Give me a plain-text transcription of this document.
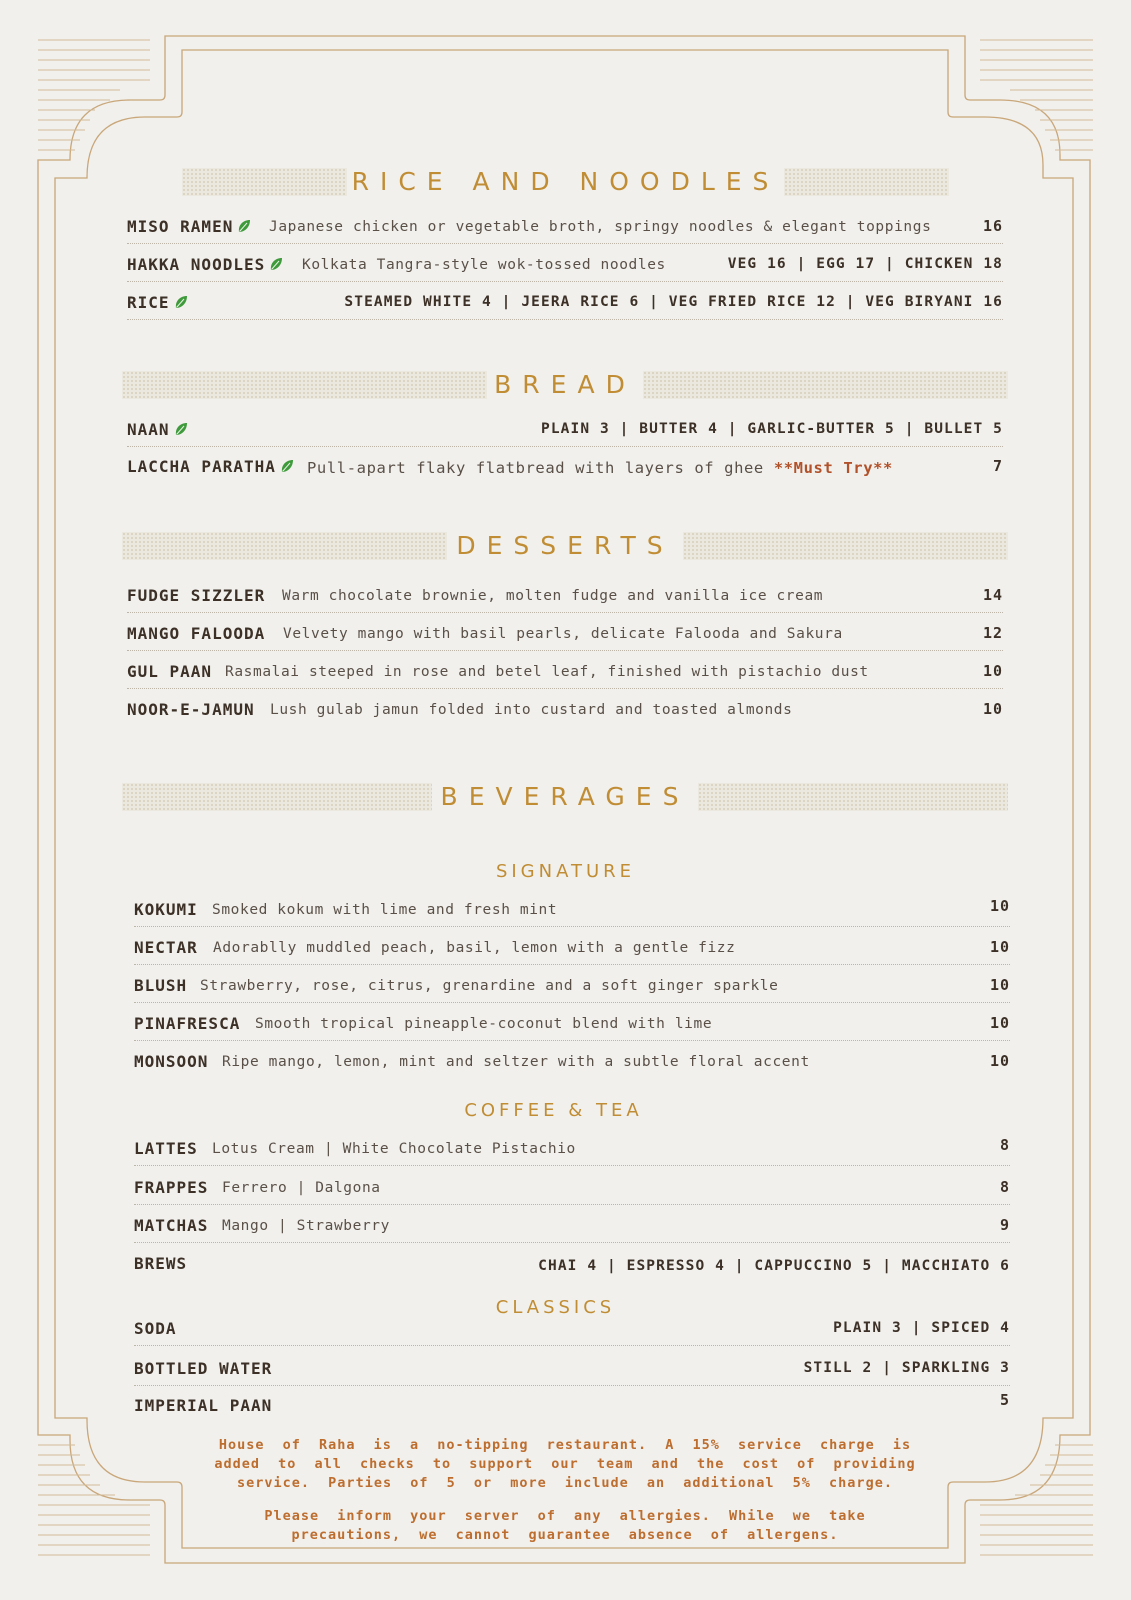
RICE AND NOODLES
MISO RAMEN	Japanese chicken or vegetable broth, springy noodles & elegant toppings	16
HAKKA NOODLES	Kolkata Tangra-style wok-tossed noodles	VEG 16 | EGG 17 | CHICKEN 18
RICE	STEAMED WHITE 4 | JEERA RICE 6 | VEG FRIED RICE 12 | VEG BIRYANI 16
BREAD
NAAN	PLAIN 3 | BUTTER 4 | GARLIC-BUTTER 5 | BULLET 5
LACCHA PARATHA	Pull-apart flaky flatbread with layers of ghee **Must Try**	7
DESSERTS
FUDGE SIZZLER Warm chocolate brownie, molten fudge and vanilla ice cream	14
MANGO FALOODA Velvety mango with basil pearls, delicate Falooda and Sakura	12
GUL PAAN Rasmalai steeped in rose and betel leaf, finished with pistachio dust	10
NOOR-E-JAMUN Lush gulab jamun folded into custard and toasted almonds	10
BEVERAGES
SIGNATURE
KOKUMI Smoked kokum with lime and fresh mint	10
NECTAR Adorablly muddled peach, basil, lemon with a gentle fizz	10
BLUSH Strawberry, rose, citrus, grenardine and a soft ginger sparkle	10
PINAFRESCA Smooth tropical pineapple-coconut blend with lime	10
MONSOON Ripe mango, lemon, mint and seltzer with a subtle floral accent	10
COFFEE & TEA
LATTES Lotus Cream | White Chocolate Pistachio	8
FRAPPES Ferrero | Dalgona	8
MATCHAS Mango | Strawberry	9
BREWS	CHAI 4 | ESPRESSO 4 | CAPPUCCINO 5 | MACCHIATO 6
CLASSICS
SODA	PLAIN 3 | SPICED 4
BOTTLED WATER	STILL 2 | SPARKLING 3
IMPERIAL PAAN	5
House of Raha is a no-tipping restaurant. A 15% service charge is added to all checks to support our team and the cost of providing service. Parties of 5 or more include an additional 5% charge.
Please inform your server of any allergies. While we take precautions, we cannot guarantee absence of allergens.
